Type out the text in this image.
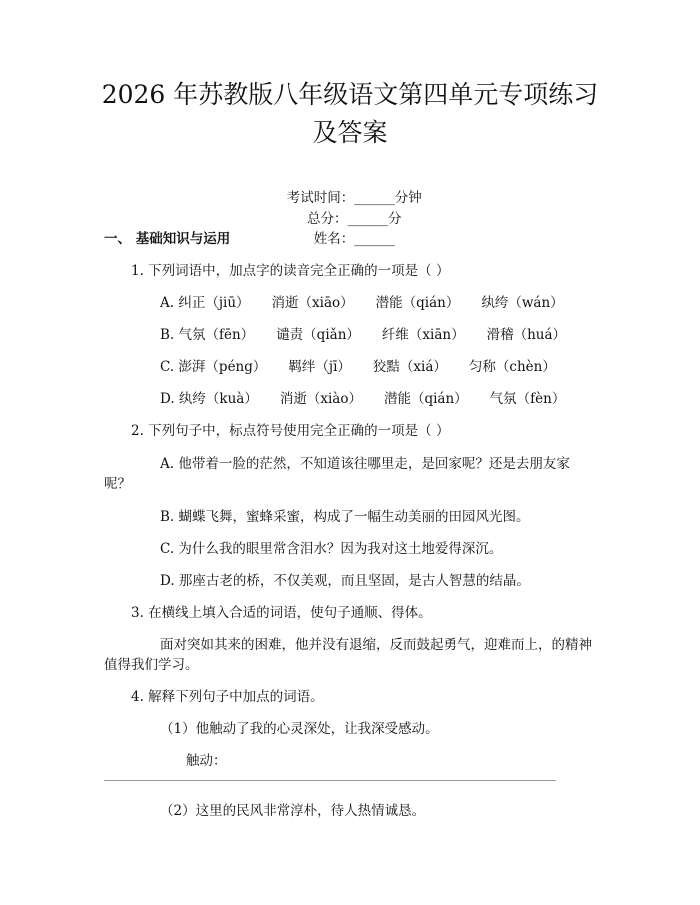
2026 年苏教版八年级语文第四单元专项练习
及答案

考试时间：______分钟
总分：______分
姓名：______

一、 基础知识与运用
1. 下列词语中，加点字的读音完全正确的一项是（ ）
A. 纠正（jiū） 消逝（xiāo） 潜能（qián） 纨绔（wán）
B. 气氛（fēn） 谴责（qiǎn） 纤维（xiān） 滑稽（huá）
C. 澎湃（péng） 羁绊（jī） 狡黠（xiá） 匀称（chèn）
D. 纨绔（kuà） 消逝（xiào） 潜能（qián） 气氛（fèn）
2. 下列句子中，标点符号使用完全正确的一项是（ ）
A. 他带着一脸的茫然，不知道该往哪里走，是回家呢？还是去朋友家
呢？
B. 蝴蝶飞舞，蜜蜂采蜜，构成了一幅生动美丽的田园风光图。
C. 为什么我的眼里常含泪水？因为我对这土地爱得深沉。
D. 那座古老的桥，不仅美观，而且坚固，是古人智慧的结晶。
3. 在横线上填入合适的词语，使句子通顺、得体。
面对突如其来的困难，他并没有退缩，反而鼓起勇气，迎难而上，的精神
值得我们学习。
4. 解释下列句子中加点的词语。
（1）他触动了我的心灵深处，让我深受感动。
触动：
（2）这里的民风非常淳朴，待人热情诚恳。
